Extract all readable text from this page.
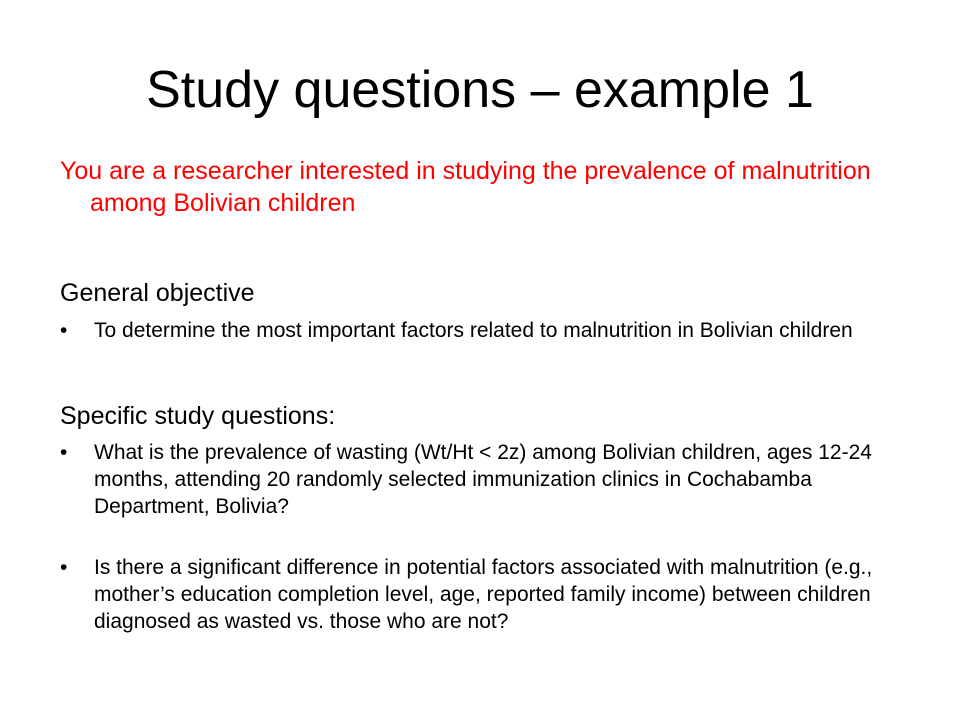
Study questions – example 1

You are a researcher interested in studying the prevalence of malnutrition among Bolivian children

General objective

• To determine the most important factors related to malnutrition in Bolivian children

Specific study questions:

• What is the prevalence of wasting (Wt/Ht < 2z) among Bolivian children, ages 12-24 months, attending 20 randomly selected immunization clinics in Cochabamba Department, Bolivia?

• Is there a significant difference in potential factors associated with malnutrition (e.g., mother’s education completion level, age, reported family income) between children diagnosed as wasted vs. those who are not?
